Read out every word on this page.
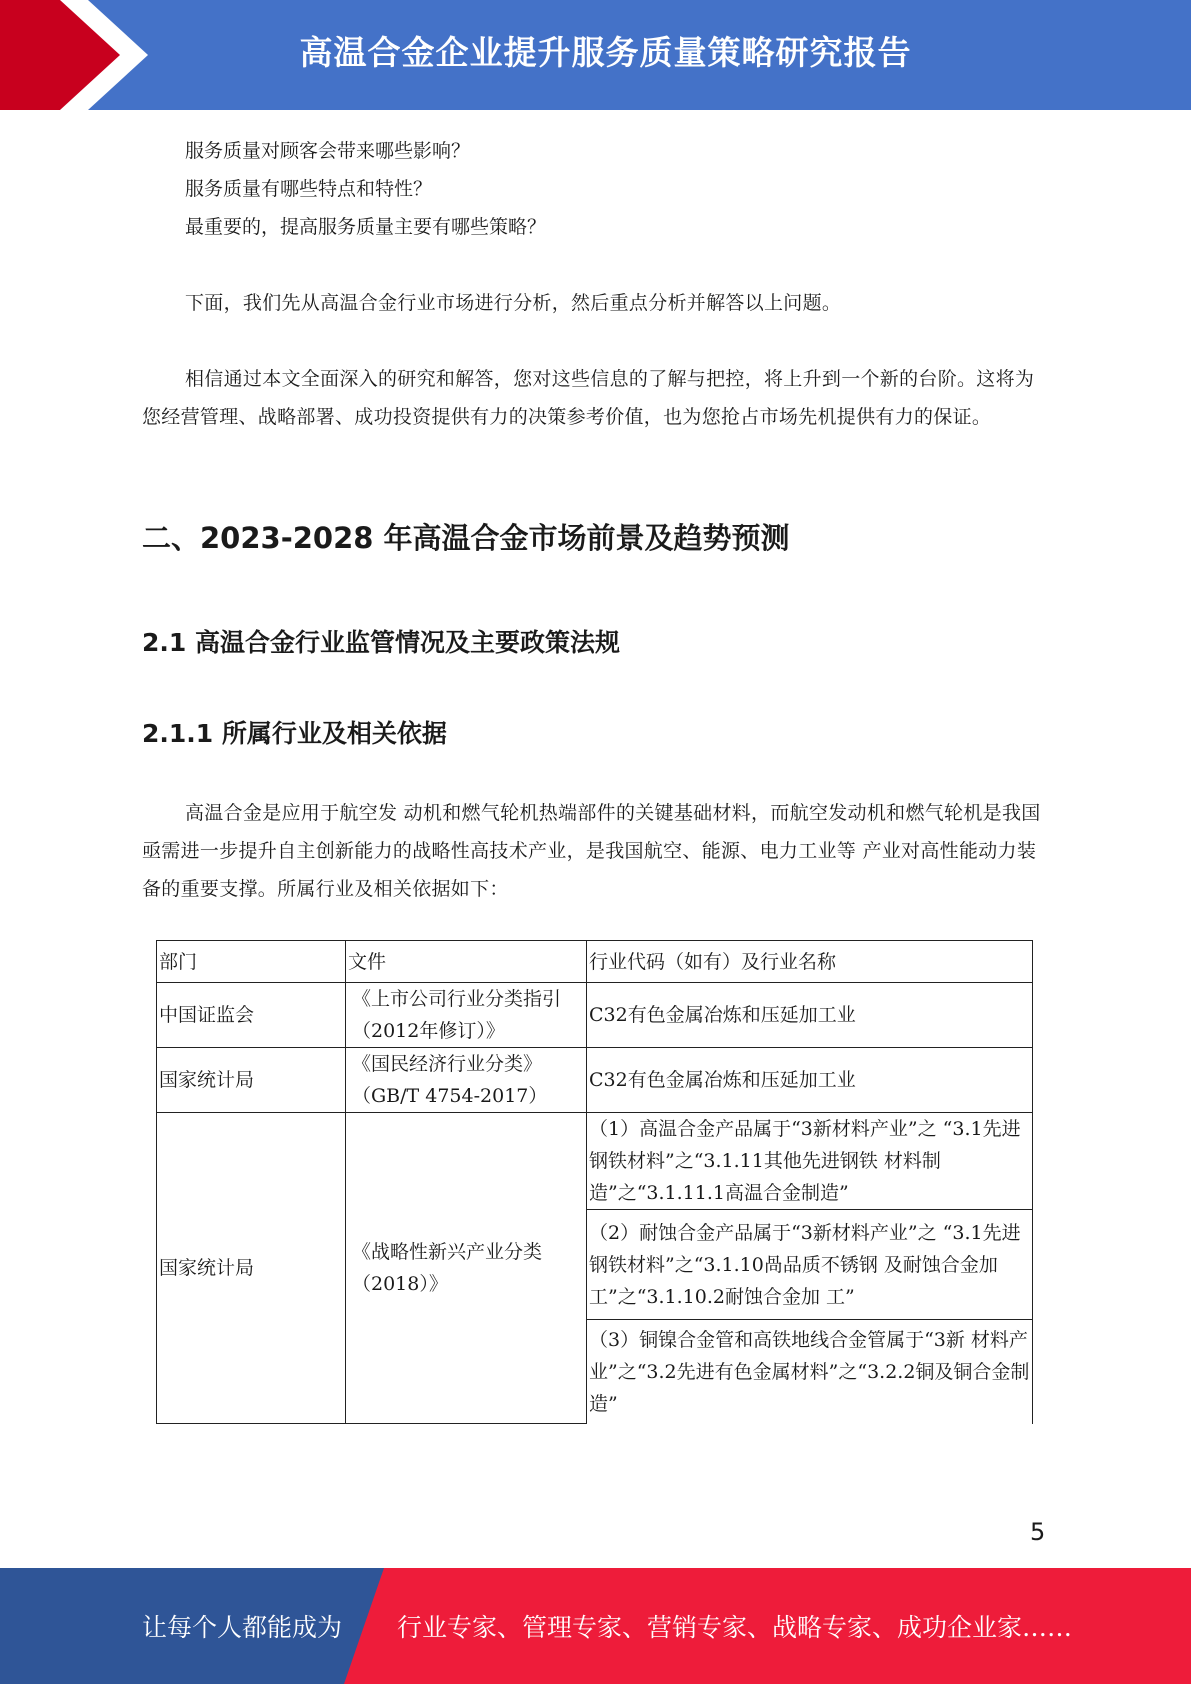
高温合金企业提升服务质量策略研究报告
服务质量对顾客会带来哪些影响？
服务质量有哪些特点和特性？
最重要的，提高服务质量主要有哪些策略？

下面，我们先从高温合金行业市场进行分析，然后重点分析并解答以上问题。

相信通过本文全面深入的研究和解答，您对这些信息的了解与把控，将上升到一个新的台阶。这将为您经营管理、战略部署、成功投资提供有力的决策参考价值，也为您抢占市场先机提供有力的保证。

二、2023-2028 年高温合金市场前景及趋势预测
2.1 高温合金行业监管情况及主要政策法规
2.1.1 所属行业及相关依据

高温合金是应用于航空发 动机和燃气轮机热端部件的关键基础材料，而航空发动机和燃气轮机是我国亟需进一步提升自主创新能力的战略性高技术产业，是我国航空、能源、电力工业等 产业对高性能动力装备的重要支撑。所属行业及相关依据如下：

部门	文件	行业代码（如有）及行业名称
中国证监会	《上市公司行业分类指引（2012年修订）》	C32有色金属冶炼和压延加工业
国家统计局	《国民经济行业分类》（GB/T 4754-2017）	C32有色金属冶炼和压延加工业
国家统计局	《战略性新兴产业分类（2018）》	（1）高温合金产品属于“3新材料产业”之 “3.1先进钢铁材料”之“3.1.11其他先进钢铁 材料制造”之“3.1.11.1高温合金制造”
		（2）耐蚀合金产品属于“3新材料产业”之 “3.1先进钢铁材料”之“3.1.10咼品质不锈钢 及耐蚀合金加工”之“3.1.10.2耐蚀合金加 工”
		（3）铜镍合金管和高铁地线合金管属于“3新 材料产业”之“3.2先进有色金属材料”之“3.2.2铜及铜合金制造”
5
让每个人都能成为 行业专家、管理专家、营销专家、战略专家、成功企业家……
